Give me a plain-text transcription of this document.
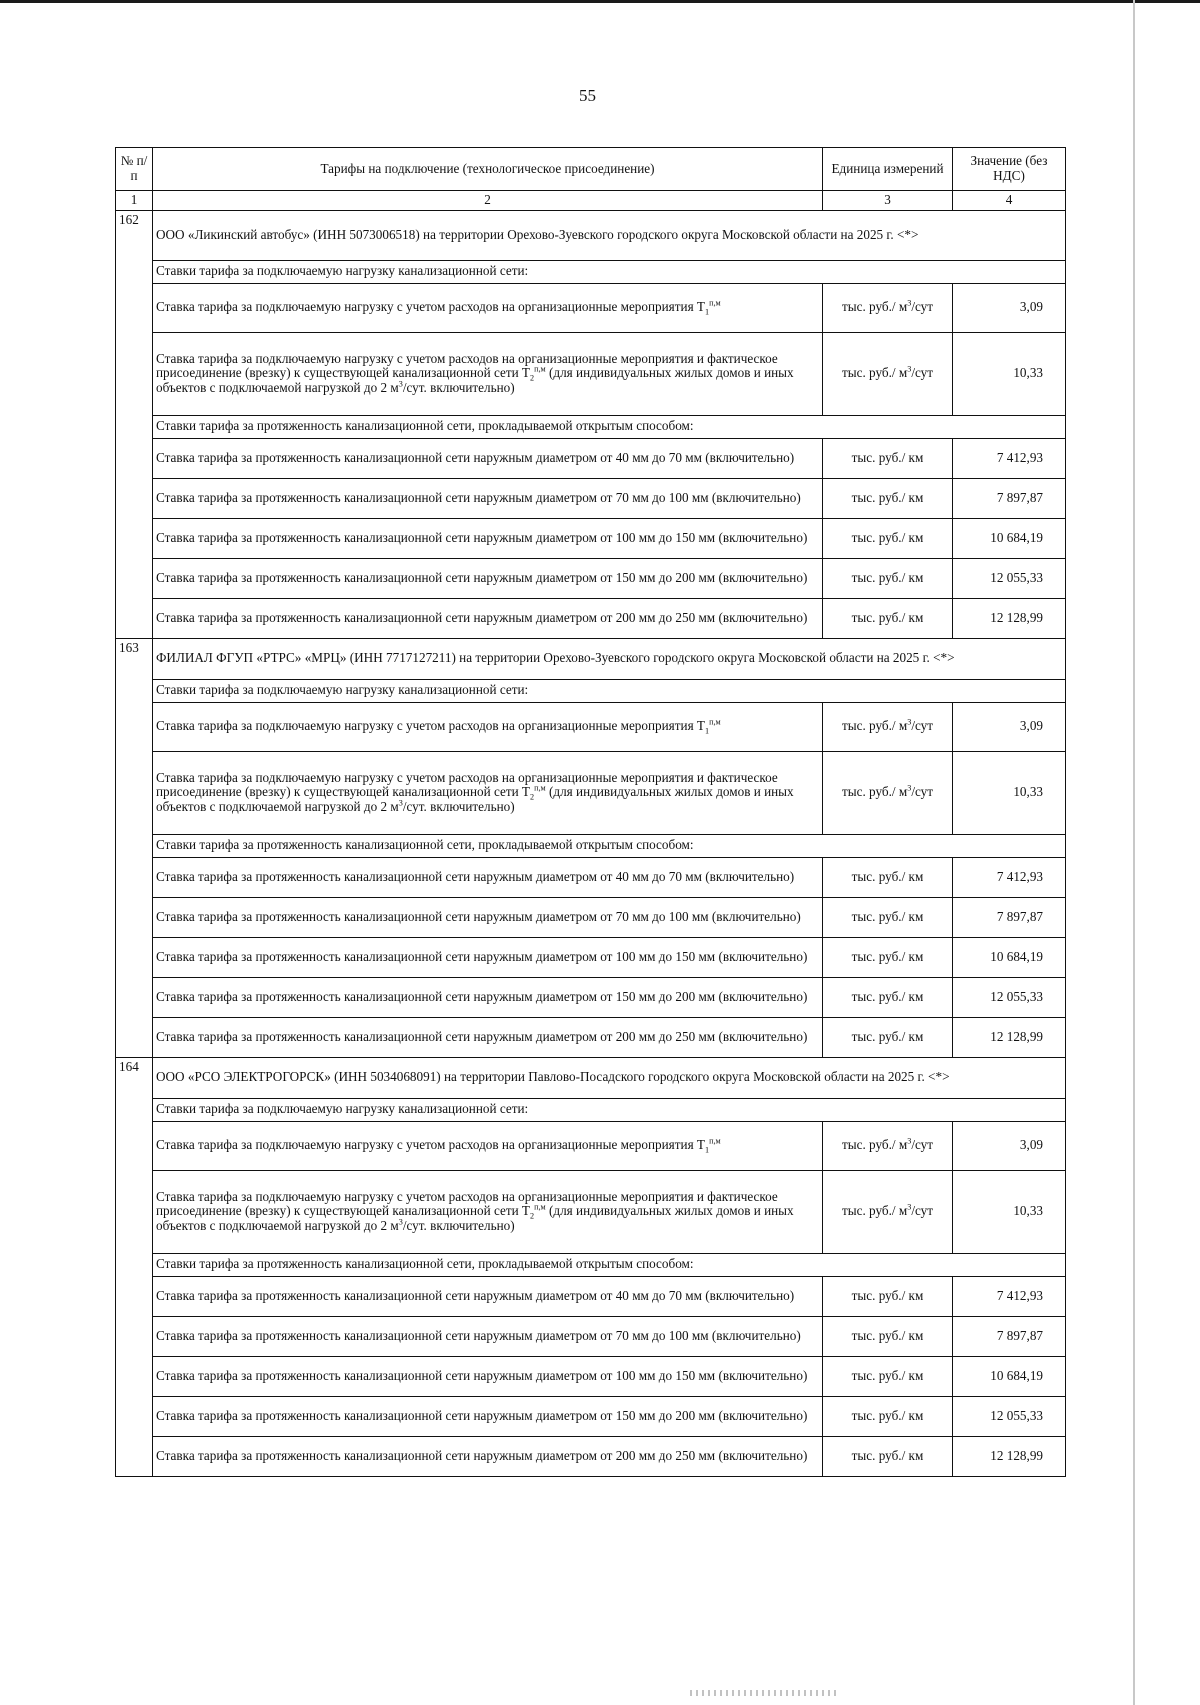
55
№ п/п	Тарифы на подключение (технологическое присоединение)	Единица измерений	Значение (без НДС)
1	2	3	4
162	ООО «Ликинский автобус» (ИНН 5073006518) на территории Орехово-Зуевского городского округа Московской области на 2025 г. <*>		
	Ставки тарифа за подключаемую нагрузку канализационной сети:		
	Ставка тарифа за подключаемую нагрузку с учетом расходов на организационные мероприятия $T_1^{п,м}$	тыс. руб./ $м^3$/сут	3,09
	Ставка тарифа за подключаемую нагрузку с учетом расходов на организационные мероприятия и фактическое присоединение (врезку) к существующей канализационной сети $T_2^{п,м}$ (для индивидуальных жилых домов и иных объектов с подключаемой нагрузкой до 2 $м^3$/сут. включительно)	тыс. руб./ $м^3$/сут	10,33
	Ставки тарифа за протяженность канализационной сети, прокладываемой открытым способом:		
	Ставка тарифа за протяженность канализационной сети наружным диаметром от 40 мм до 70 мм (включительно)	тыс. руб./ км	7 412,93
	Ставка тарифа за протяженность канализационной сети наружным диаметром от 70 мм до 100 мм (включительно)	тыс. руб./ км	7 897,87
	Ставка тарифа за протяженность канализационной сети наружным диаметром от 100 мм до 150 мм (включительно)	тыс. руб./ км	10 684,19
	Ставка тарифа за протяженность канализационной сети наружным диаметром от 150 мм до 200 мм (включительно)	тыс. руб./ км	12 055,33
	Ставка тарифа за протяженность канализационной сети наружным диаметром от 200 мм до 250 мм (включительно)	тыс. руб./ км	12 128,99
163	ФИЛИАЛ ФГУП «РТРС» «МРЦ» (ИНН 7717127211) на территории Орехово-Зуевского городского округа Московской области на 2025 г. <*>		
	Ставки тарифа за подключаемую нагрузку канализационной сети:		
	Ставка тарифа за подключаемую нагрузку с учетом расходов на организационные мероприятия $T_1^{п,м}$	тыс. руб./ $м^3$/сут	3,09
	Ставка тарифа за подключаемую нагрузку с учетом расходов на организационные мероприятия и фактическое присоединение (врезку) к существующей канализационной сети $T_2^{п,м}$ (для индивидуальных жилых домов и иных объектов с подключаемой нагрузкой до 2 $м^3$/сут. включительно)	тыс. руб./ $м^3$/сут	10,33
	Ставки тарифа за протяженность канализационной сети, прокладываемой открытым способом:		
	Ставка тарифа за протяженность канализационной сети наружным диаметром от 40 мм до 70 мм (включительно)	тыс. руб./ км	7 412,93
	Ставка тарифа за протяженность канализационной сети наружным диаметром от 70 мм до 100 мм (включительно)	тыс. руб./ км	7 897,87
	Ставка тарифа за протяженность канализационной сети наружным диаметром от 100 мм до 150 мм (включительно)	тыс. руб./ км	10 684,19
	Ставка тарифа за протяженность канализационной сети наружным диаметром от 150 мм до 200 мм (включительно)	тыс. руб./ км	12 055,33
	Ставка тарифа за протяженность канализационной сети наружным диаметром от 200 мм до 250 мм (включительно)	тыс. руб./ км	12 128,99
164	ООО «РСО ЭЛЕКТРОГОРСК» (ИНН 5034068091) на территории Павлово-Посадского городского округа Московской области на 2025 г. <*>		
	Ставки тарифа за подключаемую нагрузку канализационной сети:		
	Ставка тарифа за подключаемую нагрузку с учетом расходов на организационные мероприятия $T_1^{п,м}$	тыс. руб./ $м^3$/сут	3,09
	Ставка тарифа за подключаемую нагрузку с учетом расходов на организационные мероприятия и фактическое присоединение (врезку) к существующей канализационной сети $T_2^{п,м}$ (для индивидуальных жилых домов и иных объектов с подключаемой нагрузкой до 2 $м^3$/сут. включительно)	тыс. руб./ $м^3$/сут	10,33
	Ставки тарифа за протяженность канализационной сети, прокладываемой открытым способом:		
	Ставка тарифа за протяженность канализационной сети наружным диаметром от 40 мм до 70 мм (включительно)	тыс. руб./ км	7 412,93
	Ставка тарифа за протяженность канализационной сети наружным диаметром от 70 мм до 100 мм (включительно)	тыс. руб./ км	7 897,87
	Ставка тарифа за протяженность канализационной сети наружным диаметром от 100 мм до 150 мм (включительно)	тыс. руб./ км	10 684,19
	Ставка тарифа за протяженность канализационной сети наружным диаметром от 150 мм до 200 мм (включительно)	тыс. руб./ км	12 055,33
	Ставка тарифа за протяженность канализационной сети наружным диаметром от 200 мм до 250 мм (включительно)	тыс. руб./ км	12 128,99
